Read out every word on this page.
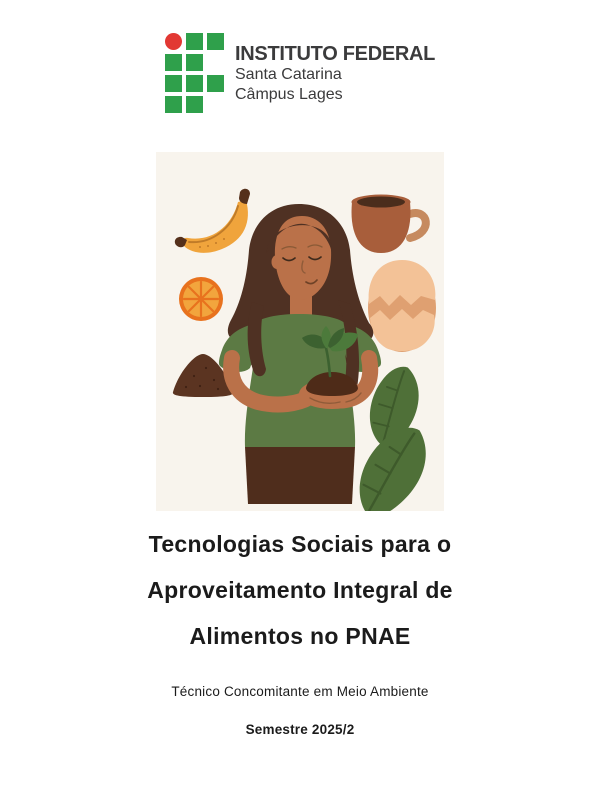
INSTITUTO FEDERAL
Santa Catarina
Câmpus Lages
Tecnologias Sociais para o
Aproveitamento Integral de
Alimentos no PNAE
Técnico Concomitante em Meio Ambiente
Semestre 2025/2
